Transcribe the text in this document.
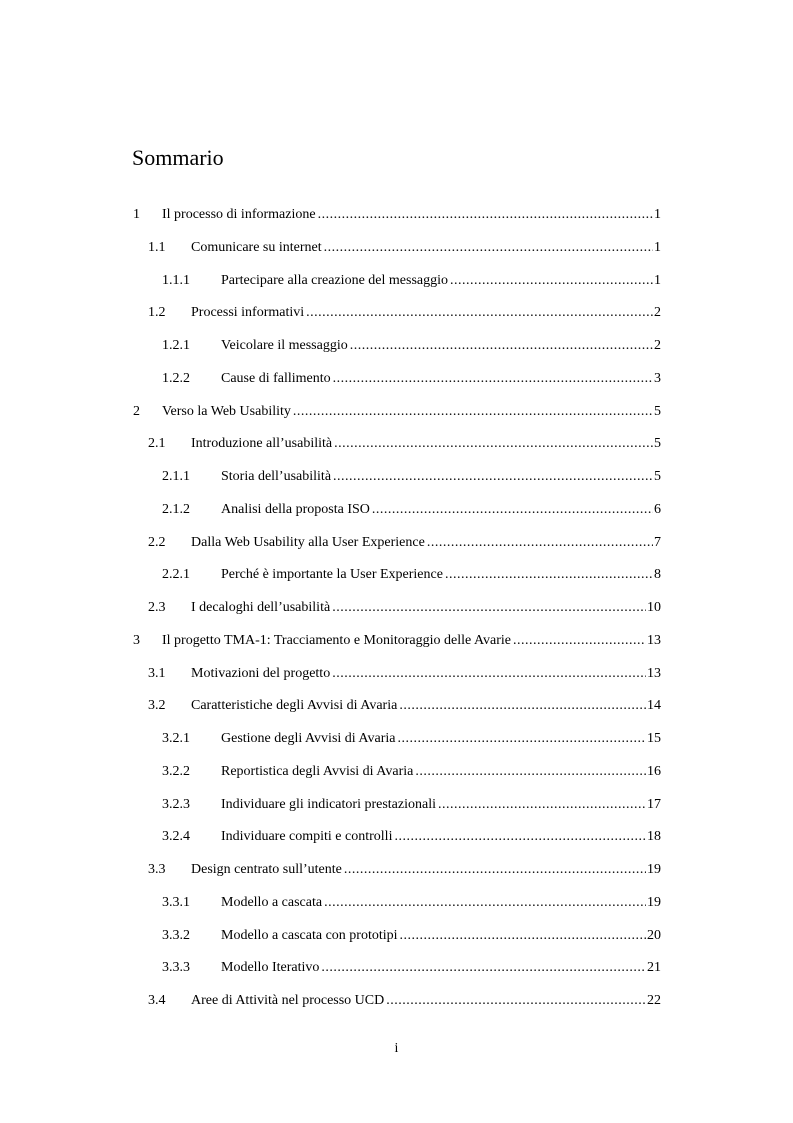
Sommario
1	Il processo di informazione .....	1
1.1	Comunicare su internet .....	1
1.1.1	Partecipare alla creazione del messaggio .....	1
1.2	Processi informativi .....	2
1.2.1	Veicolare il messaggio .....	2
1.2.2	Cause di fallimento .....	3
2	Verso la Web Usability .....	5
2.1	Introduzione all’usabilità .....	5
2.1.1	Storia dell’usabilità .....	5
2.1.2	Analisi della proposta ISO .....	6
2.2	Dalla Web Usability alla User Experience .....	7
2.2.1	Perché è importante la User Experience .....	8
2.3	I decaloghi dell’usabilità .....	10
3	Il progetto TMA-1: Tracciamento e Monitoraggio delle Avarie .....	13
3.1	Motivazioni del progetto .....	13
3.2	Caratteristiche degli Avvisi di Avaria .....	14
3.2.1	Gestione degli Avvisi di Avaria .....	15
3.2.2	Reportistica degli Avvisi di Avaria .....	16
3.2.3	Individuare gli indicatori prestazionali .....	17
3.2.4	Individuare compiti e controlli .....	18
3.3	Design centrato sull’utente .....	19
3.3.1	Modello a cascata .....	19
3.3.2	Modello a cascata con prototipi .....	20
3.3.3	Modello Iterativo .....	21
3.4	Aree di Attività nel processo UCD .....	22
i
